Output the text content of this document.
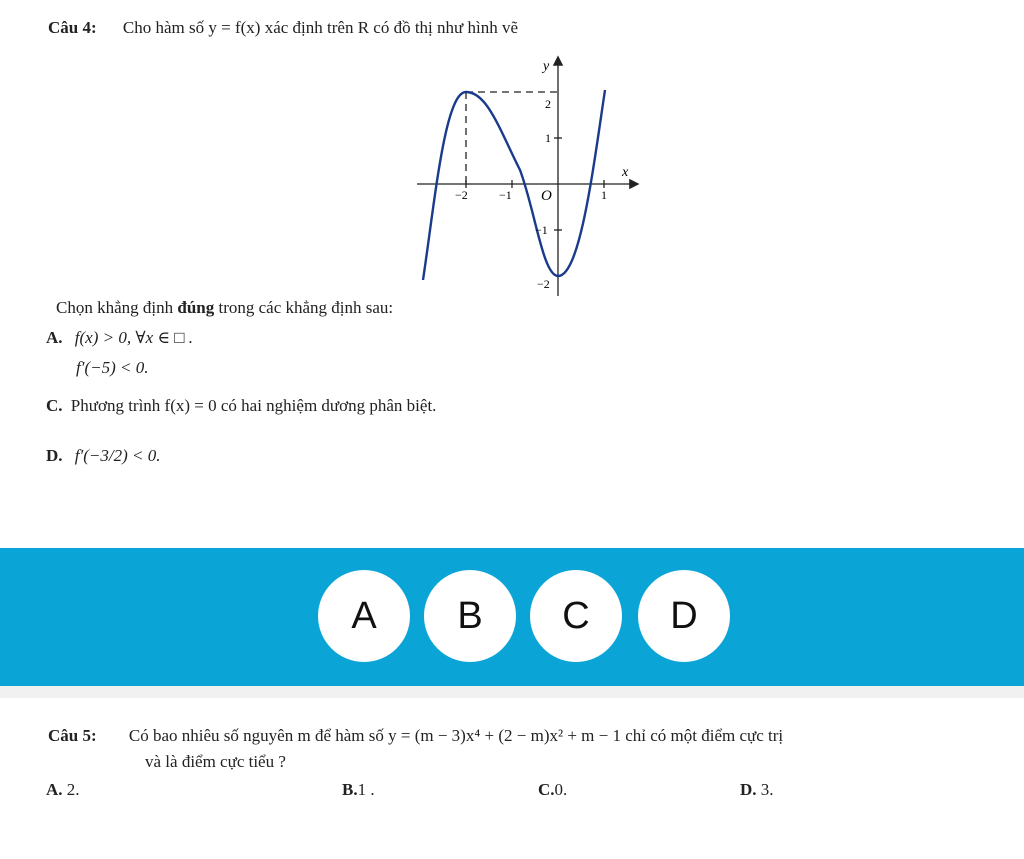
Câu 4: Cho hàm số y = f(x) xác định trên R có đồ thị như hình vẽ
y
x
O
−2	−1	1
2
1
−1
−2
Chọn khẳng định đúng trong các khẳng định sau:
A. f(x) > 0, ∀x ∈ □ .
f′(−5) < 0.
C. Phương trình f(x) = 0 có hai nghiệm dương phân biệt.
D. f′(−3/2) < 0.
A	B	C	D
Câu 5: Có bao nhiêu số nguyên m để hàm số y = (m − 3)x⁴ + (2 − m)x² + m − 1 chỉ có một điểm cực trị
và là điểm cực tiểu ?
A. 2.	B.1 .	C.0.	D. 3.
